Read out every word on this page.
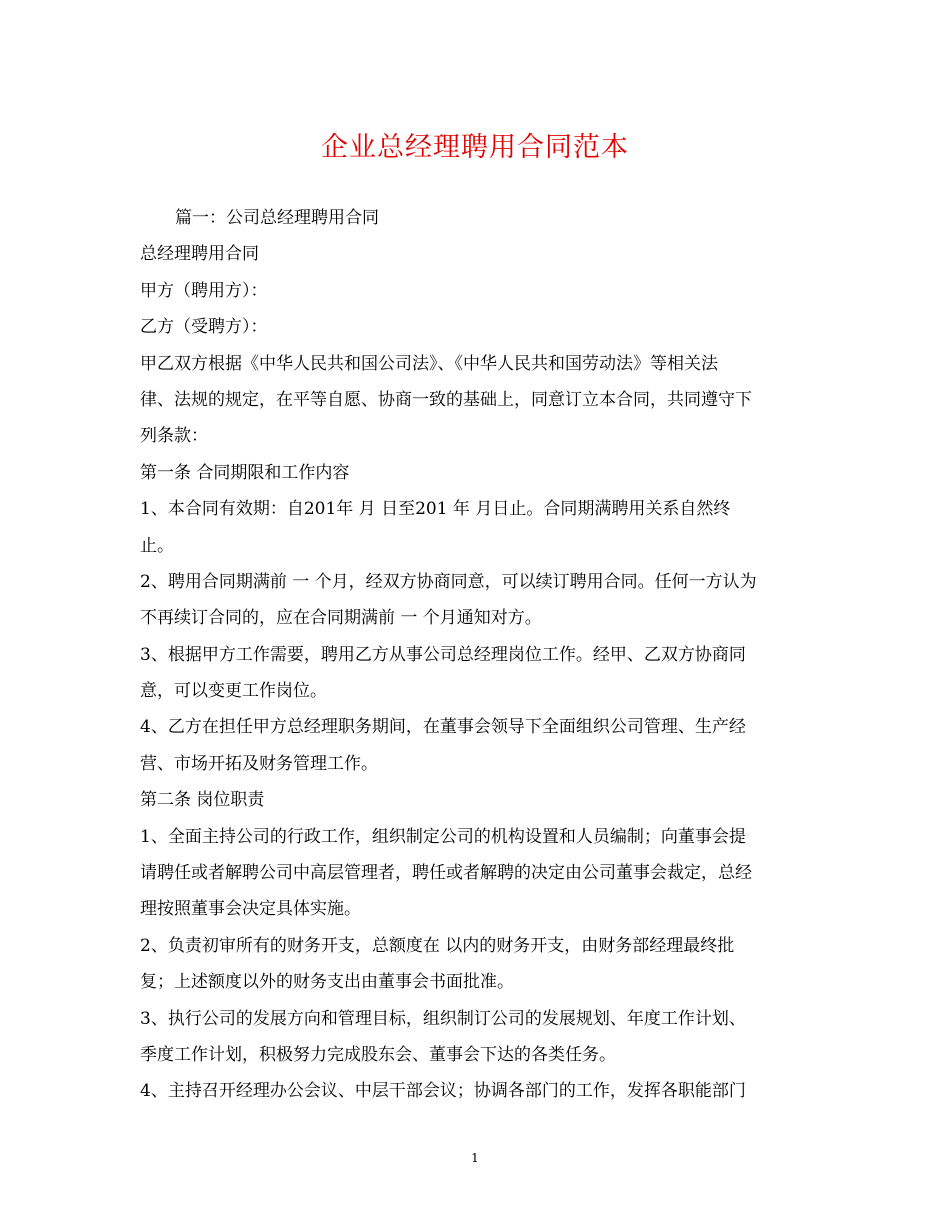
企业总经理聘用合同范本
篇一：公司总经理聘用合同
总经理聘用合同
甲方（聘用方）：
乙方（受聘方）：
甲乙双方根据《中华人民共和国公司法》、《中华人民共和国劳动法》等相关法
律、法规的规定，在平等自愿、协商一致的基础上，同意订立本合同，共同遵守下
列条款：
第一条 合同期限和工作内容
1、本合同有效期：自201年 月 日至201 年 月日止。合同期满聘用关系自然终
止。
2、聘用合同期满前 一 个月，经双方协商同意，可以续订聘用合同。任何一方认为
不再续订合同的，应在合同期满前 一 个月通知对方。
3、根据甲方工作需要，聘用乙方从事公司总经理岗位工作。经甲、乙双方协商同
意，可以变更工作岗位。
4、乙方在担任甲方总经理职务期间，在董事会领导下全面组织公司管理、生产经
营、市场开拓及财务管理工作。
第二条 岗位职责
1、全面主持公司的行政工作，组织制定公司的机构设置和人员编制；向董事会提
请聘任或者解聘公司中高层管理者，聘任或者解聘的决定由公司董事会裁定，总经
理按照董事会决定具体实施。
2、负责初审所有的财务开支，总额度在 以内的财务开支，由财务部经理最终批
复；上述额度以外的财务支出由董事会书面批准。
3、执行公司的发展方向和管理目标，组织制订公司的发展规划、年度工作计划、
季度工作计划，积极努力完成股东会、董事会下达的各类任务。
4、主持召开经理办公会议、中层干部会议；协调各部门的工作，发挥各职能部门
1
